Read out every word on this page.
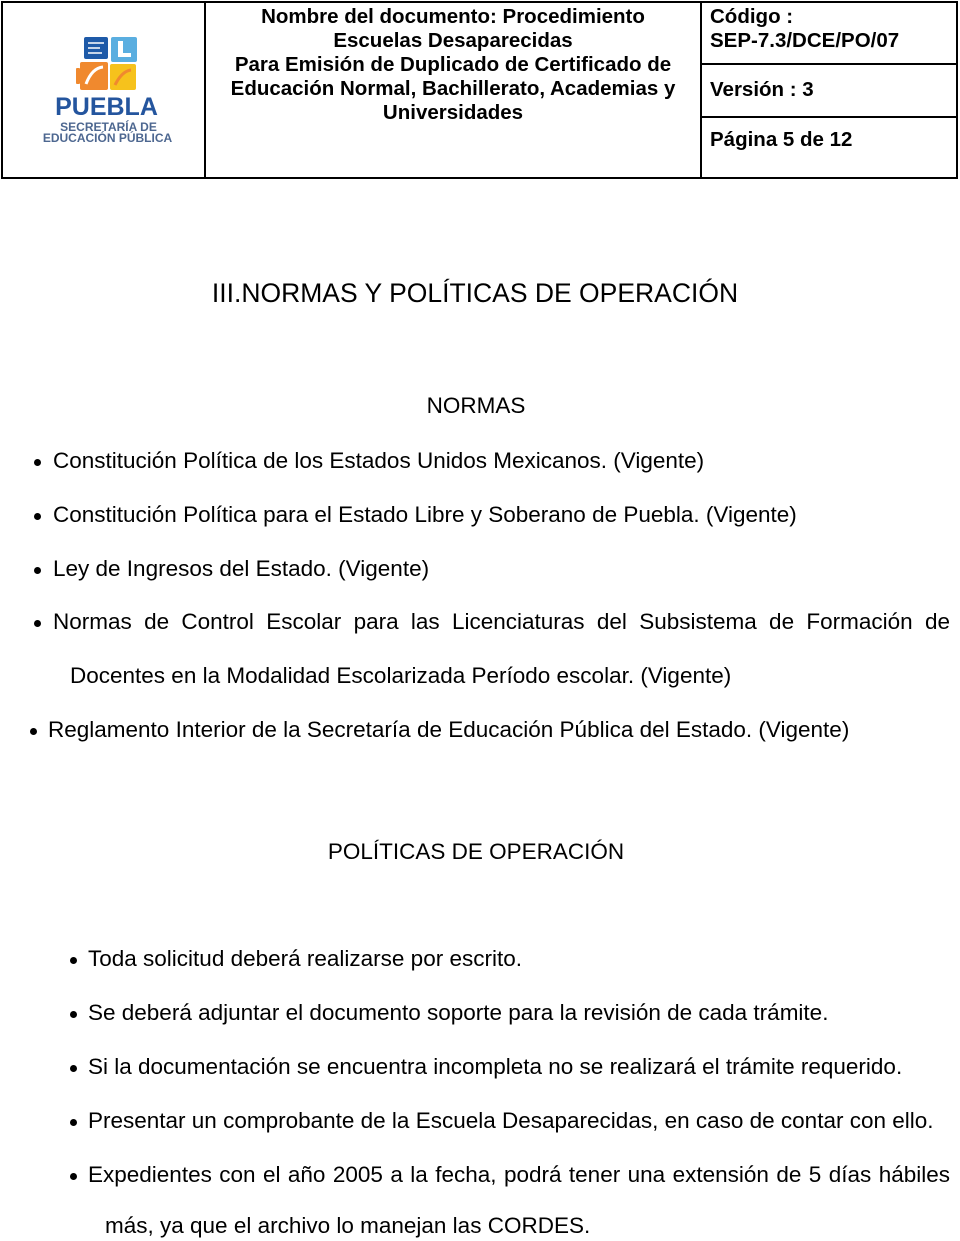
PUEBLA
SECRETARÍA DE
EDUCACIÓN PÚBLICA
Nombre del documento: Procedimiento
Escuelas Desaparecidas
Para Emisión de Duplicado de Certificado de
Educación Normal, Bachillerato, Academias y
Universidades
Código :
SEP-7.3/DCE/PO/07
Versión : 3
Página 5 de 12
III.NORMAS Y POLÍTICAS DE OPERACIÓN
NORMAS
Constitución Política de los Estados Unidos Mexicanos. (Vigente)
Constitución Política para el Estado Libre y Soberano de Puebla. (Vigente)
Ley de Ingresos del Estado. (Vigente)
Normas de Control Escolar para las Licenciaturas del Subsistema de Formación de
Docentes en la Modalidad Escolarizada Período escolar. (Vigente)
Reglamento Interior de la Secretaría de Educación Pública del Estado. (Vigente)
POLÍTICAS DE OPERACIÓN
Toda solicitud deberá realizarse por escrito.
Se deberá adjuntar el documento soporte para la revisión de cada trámite.
Si la documentación se encuentra incompleta no se realizará el trámite requerido.
Presentar un comprobante de la Escuela Desaparecidas, en caso de contar con ello.
Expedientes con el año 2005 a la fecha, podrá tener una extensión de 5 días hábiles
más, ya que el archivo lo manejan las CORDES.
